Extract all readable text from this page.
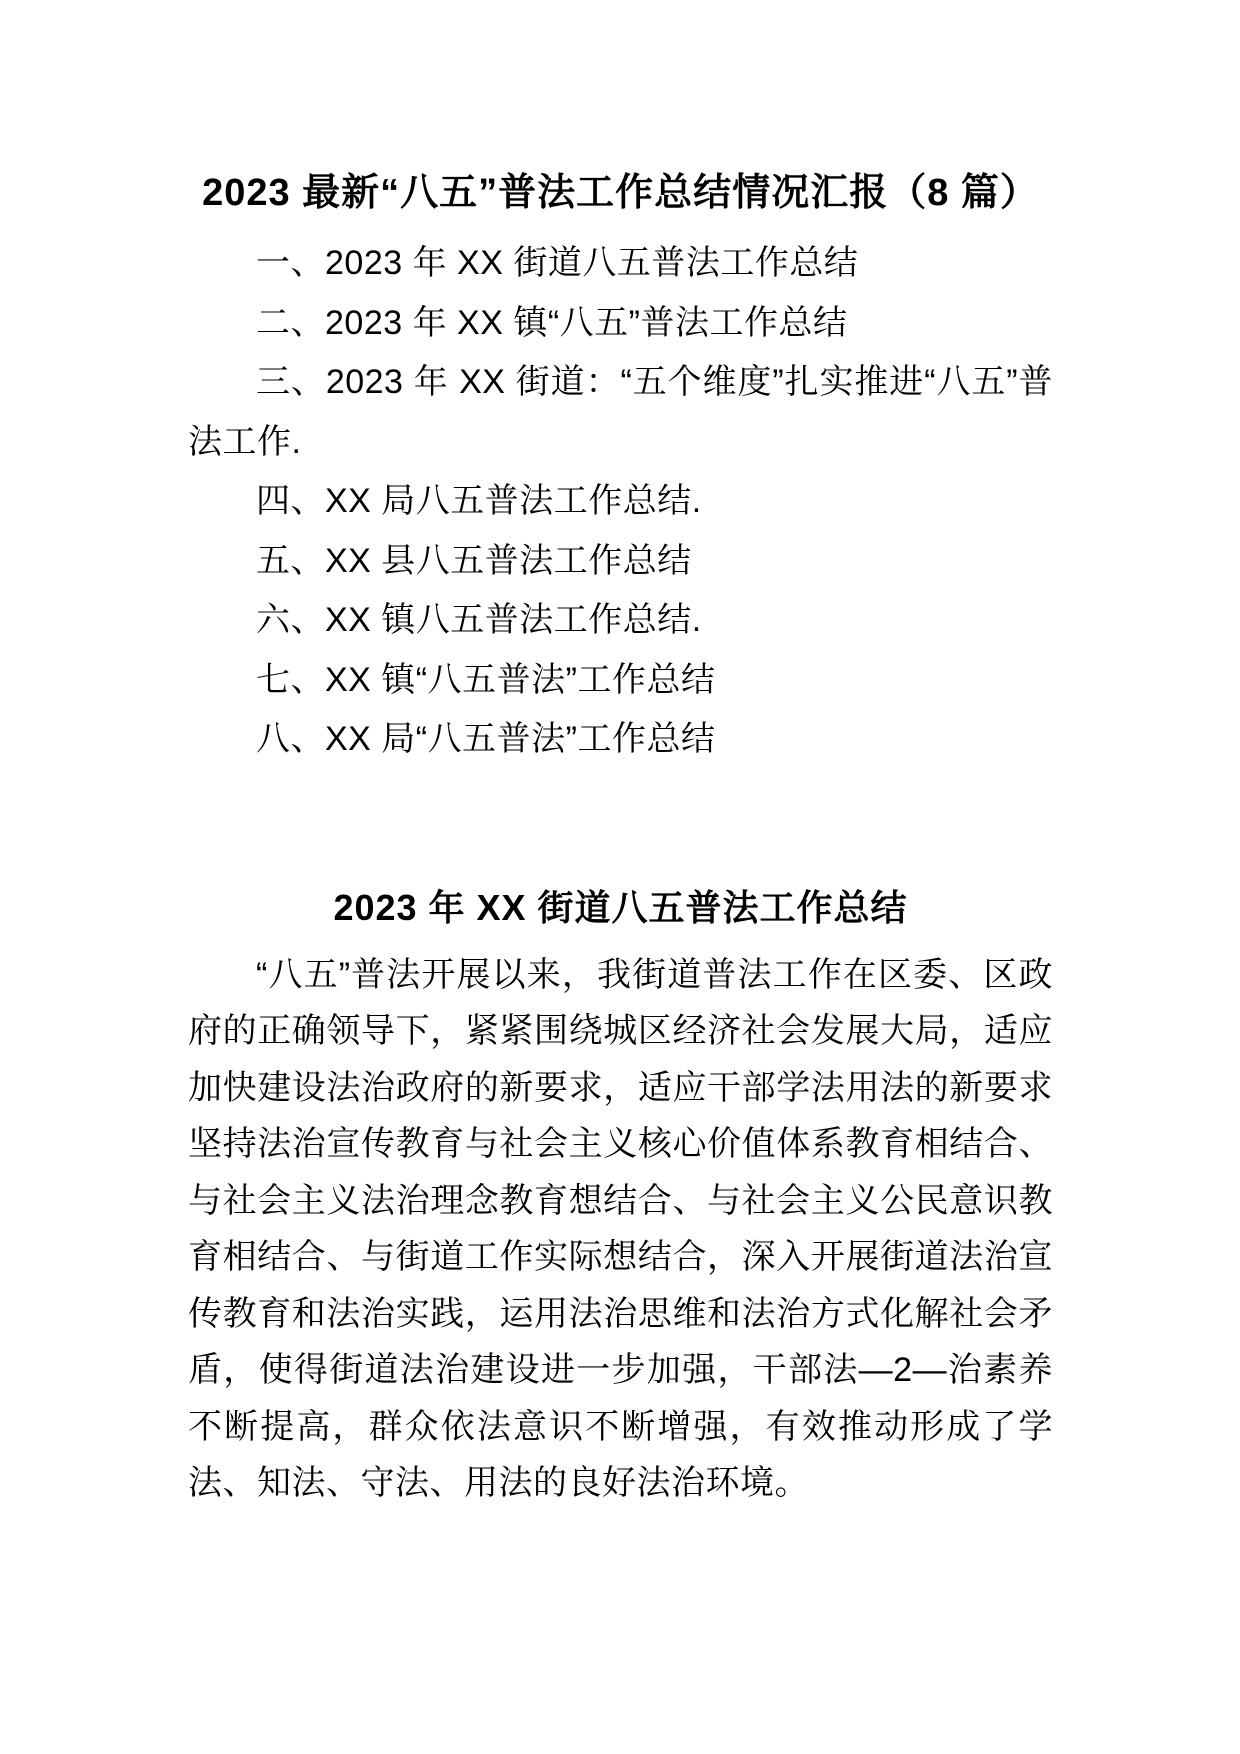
2023 最新“八五”普法工作总结情况汇报（8 篇）

一、2023 年 XX 街道八五普法工作总结

二、2023 年 XX 镇“八五”普法工作总结

三、2023 年 XX 街道：“五个维度”扎实推进“八五”普法工作.

四、XX 局八五普法工作总结.

五、XX 县八五普法工作总结

六、XX 镇八五普法工作总结.

七、XX 镇“八五普法”工作总结

八、XX 局“八五普法”工作总结

2023 年 XX 街道八五普法工作总结

“八五”普法开展以来，我街道普法工作在区委、区政府的正确领导下，紧紧围绕城区经济社会发展大局，适应加快建设法治政府的新要求，适应干部学法用法的新要求坚持法治宣传教育与社会主义核心价值体系教育相结合、与社会主义法治理念教育想结合、与社会主义公民意识教育相结合、与街道工作实际想结合，深入开展街道法治宣传教育和法治实践，运用法治思维和法治方式化解社会矛盾，使得街道法治建设进一步加强，干部法—2—治素养不断提高，群众依法意识不断增强，有效推动形成了学法、知法、守法、用法的良好法治环境。
